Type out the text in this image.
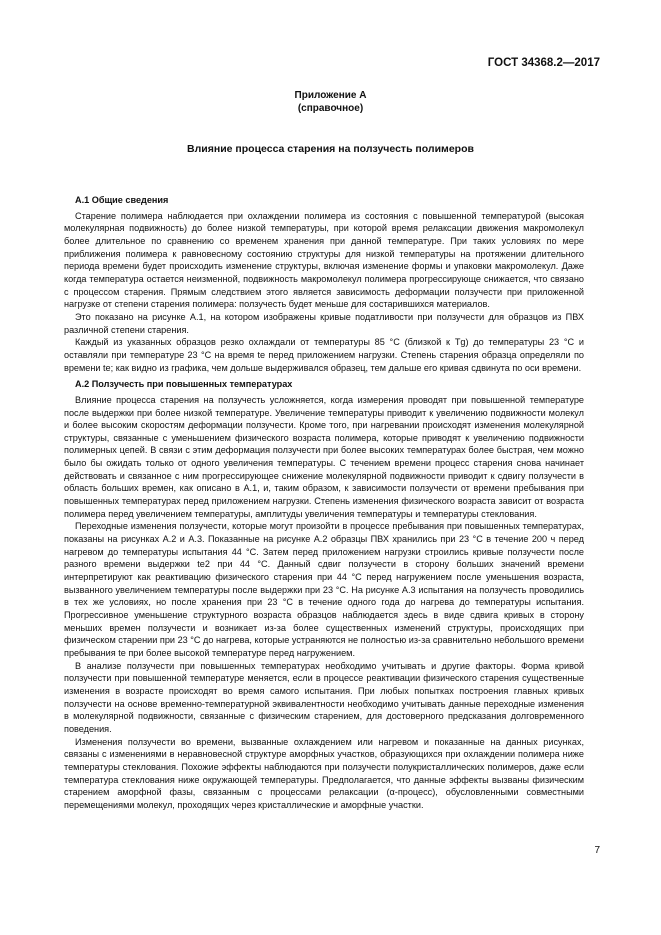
ГОСТ 34368.2—2017
Приложение А
(справочное)
Влияние процесса старения на ползучесть полимеров
А.1 Общие сведения

Старение полимера наблюдается при охлаждении полимера из состояния с повышенной температурой (высокая молекулярная подвижность) до более низкой температуры, при которой время релаксации движения макромолекул более длительное по сравнению со временем хранения при данной температуре. При таких условиях по мере приближения полимера к равновесному состоянию структуры для низкой температуры на протяжении длительного периода времени будет происходить изменение структуры, включая изменение формы и упаковки макромолекул. Даже когда температура остается неизменной, подвижность макромолекул полимера прогрессирующе снижается, что связано с процессом старения. Прямым следствием этого является зависимость деформации ползучести при приложенной нагрузке от степени старения полимера: ползучесть будет меньше для состарившихся материалов.

Это показано на рисунке А.1, на котором изображены кривые податливости при ползучести для образцов из ПВХ различной степени старения.

Каждый из указанных образцов резко охлаждали от температуры 85 °С (близкой к Tg) до температуры 23 °С и оставляли при температуре 23 °С на время te перед приложением нагрузки. Степень старения образца определяли по времени te; как видно из графика, чем дольше выдерживался образец, тем дальше его кривая сдвинута по оси времени.

А.2 Ползучесть при повышенных температурах

Влияние процесса старения на ползучесть усложняется, когда измерения проводят при повышенной температуре после выдержки при более низкой температуре. Увеличение температуры приводит к увеличению подвижности молекул и более высоким скоростям деформации ползучести. Кроме того, при нагревании происходят изменения молекулярной структуры, связанные с уменьшением физического возраста полимера, которые приводят к увеличению подвижности полимерных цепей. В связи с этим деформация ползучести при более высоких температурах более быстрая, чем можно было бы ожидать только от одного увеличения температуры. С течением времени процесс старения снова начинает действовать и связанное с ним прогрессирующее снижение молекулярной подвижности приводит к сдвигу ползучести в область больших времен, как описано в А.1, и, таким образом, к зависимости ползучести от времени пребывания при повышенных температурах перед приложением нагрузки. Степень изменения физического возраста зависит от возраста полимера перед увеличением температуры, амплитуды увеличения температуры и температуры стеклования.

Переходные изменения ползучести, которые могут произойти в процессе пребывания при повышенных температурах, показаны на рисунках А.2 и А.3. Показанные на рисунке А.2 образцы ПВХ хранились при 23 °С в течение 200 ч перед нагревом до температуры испытания 44 °С. Затем перед приложением нагрузки строились кривые ползучести после разного времени выдержки te2 при 44 °С. Данный сдвиг ползучести в сторону больших значений времени интерпретируют как реактивацию физического старения при 44 °С перед нагружением после уменьшения возраста, вызванного увеличением температуры после выдержки при 23 °С. На рисунке А.3 испытания на ползучесть проводились в тех же условиях, но после хранения при 23 °С в течение одного года до нагрева до температуры испытания. Прогрессивное уменьшение структурного возраста образцов наблюдается здесь в виде сдвига кривых в сторону меньших времен ползучести и возникает из-за более существенных изменений структуры, происходящих при физическом старении при 23 °С до нагрева, которые устраняются не полностью из-за сравнительно небольшого времени пребывания te при более высокой температуре перед нагружением.

В анализе ползучести при повышенных температурах необходимо учитывать и другие факторы. Форма кривой ползучести при повышенной температуре меняется, если в процессе реактивации физического старения существенные изменения в возрасте происходят во время самого испытания. При любых попытках построения главных кривых ползучести на основе временно-температурной эквивалентности необходимо учитывать данные переходные изменения в молекулярной подвижности, связанные с физическим старением, для достоверного предсказания долговременного поведения.

Изменения ползучести во времени, вызванные охлаждением или нагревом и показанные на данных рисунках, связаны с изменениями в неравновесной структуре аморфных участков, образующихся при охлаждении полимера ниже температуры стеклования. Похожие эффекты наблюдаются при ползучести полукристаллических полимеров, даже если температура стеклования ниже окружающей температуры. Предполагается, что данные эффекты вызваны физическим старением аморфной фазы, связанным с процессами релаксации (α-процесс), обусловленными совместными перемещениями молекул, проходящих через кристаллические и аморфные участки.

7
